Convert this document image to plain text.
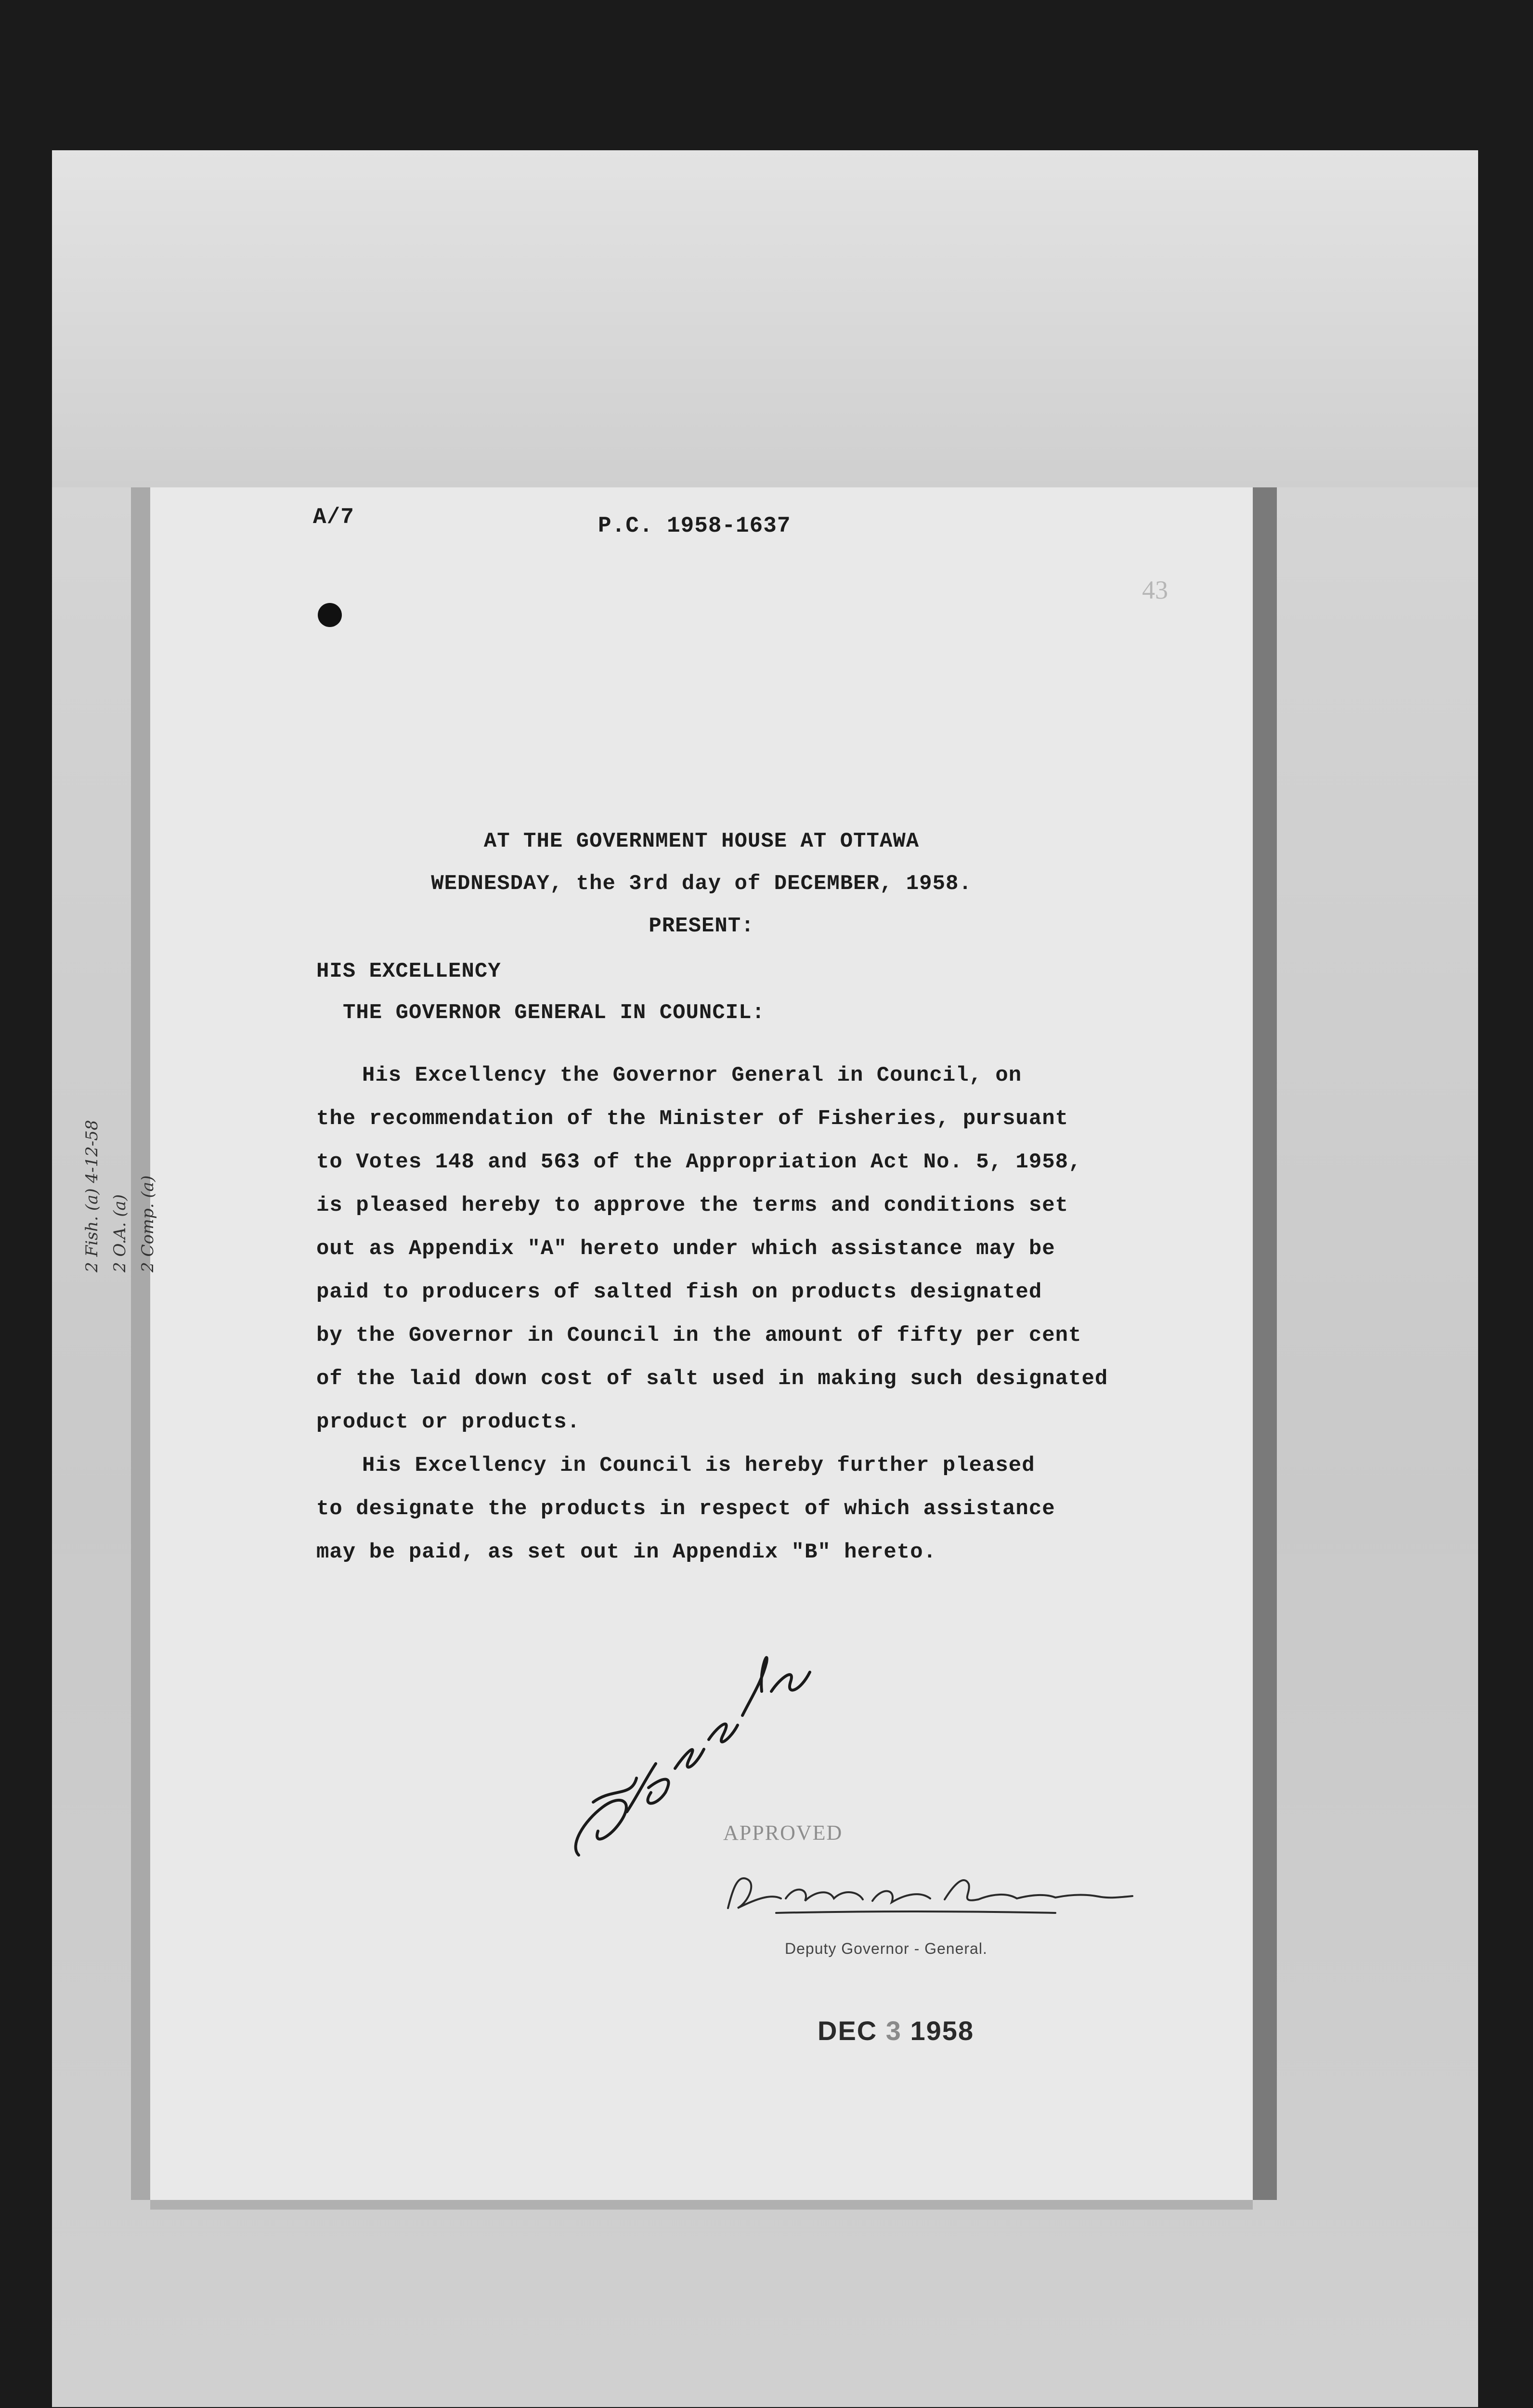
A/7	P.C. 1958-1637
43
AT THE GOVERNMENT HOUSE AT OTTAWA
WEDNESDAY, the 3rd day of DECEMBER, 1958.
PRESENT:
HIS EXCELLENCY
THE GOVERNOR GENERAL IN COUNCIL:
His Excellency the Governor General in Council, on
the recommendation of the Minister of Fisheries, pursuant
to Votes 148 and 563 of the Appropriation Act No. 5, 1958,
is pleased hereby to approve the terms and conditions set
out as Appendix "A" hereto under which assistance may be
paid to producers of salted fish on products designated
by the Governor in Council in the amount of fifty per cent
of the laid down cost of salt used in making such designated
product or products.
His Excellency in Council is hereby further pleased
to designate the products in respect of which assistance
may be paid, as set out in Appendix "B" hereto.
2 Fish. (a) 4-12-58 2 O.A. (a) 2 Comp. (a)
APPROVED
Deputy Governor - General.
DEC 3 1958
